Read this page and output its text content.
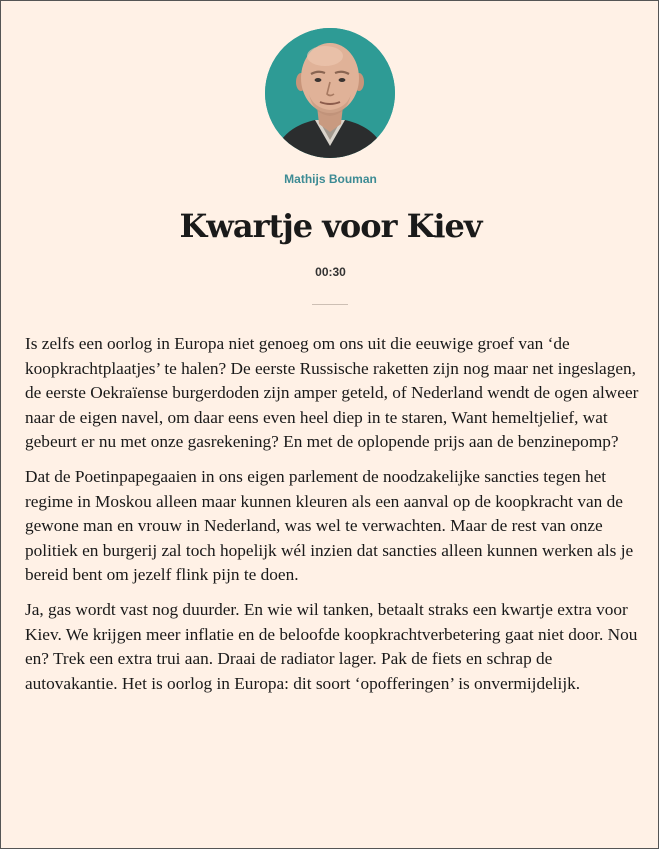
Mathijs Bouman
Kwartje voor Kiev
00:30

Is zelfs een oorlog in Europa niet genoeg om ons uit die eeuwige groef van ‘de koopkrachtplaatjes’ te halen? De eerste Russische raketten zijn nog maar net ingeslagen, de eerste Oekraïense burgerdoden zijn amper geteld, of Nederland wendt de ogen alweer naar de eigen navel, om daar eens even heel diep in te staren, Want hemeltjelief, wat gebeurt er nu met onze gasrekening? En met de oplopende prijs aan de benzinepomp?

Dat de Poetinpapegaaien in ons eigen parlement de noodzakelijke sancties tegen het regime in Moskou alleen maar kunnen kleuren als een aanval op de koopkracht van de gewone man en vrouw in Nederland, was wel te verwachten. Maar de rest van onze politiek en burgerij zal toch hopelijk wél inzien dat sancties alleen kunnen werken als je bereid bent om jezelf flink pijn te doen.

Ja, gas wordt vast nog duurder. En wie wil tanken, betaalt straks een kwartje extra voor Kiev. We krijgen meer inflatie en de beloofde koopkrachtverbetering gaat niet door. Nou en? Trek een extra trui aan. Draai de radiator lager. Pak de fiets en schrap de autovakantie. Het is oorlog in Europa: dit soort ‘opofferingen’ is onvermijdelijk.
